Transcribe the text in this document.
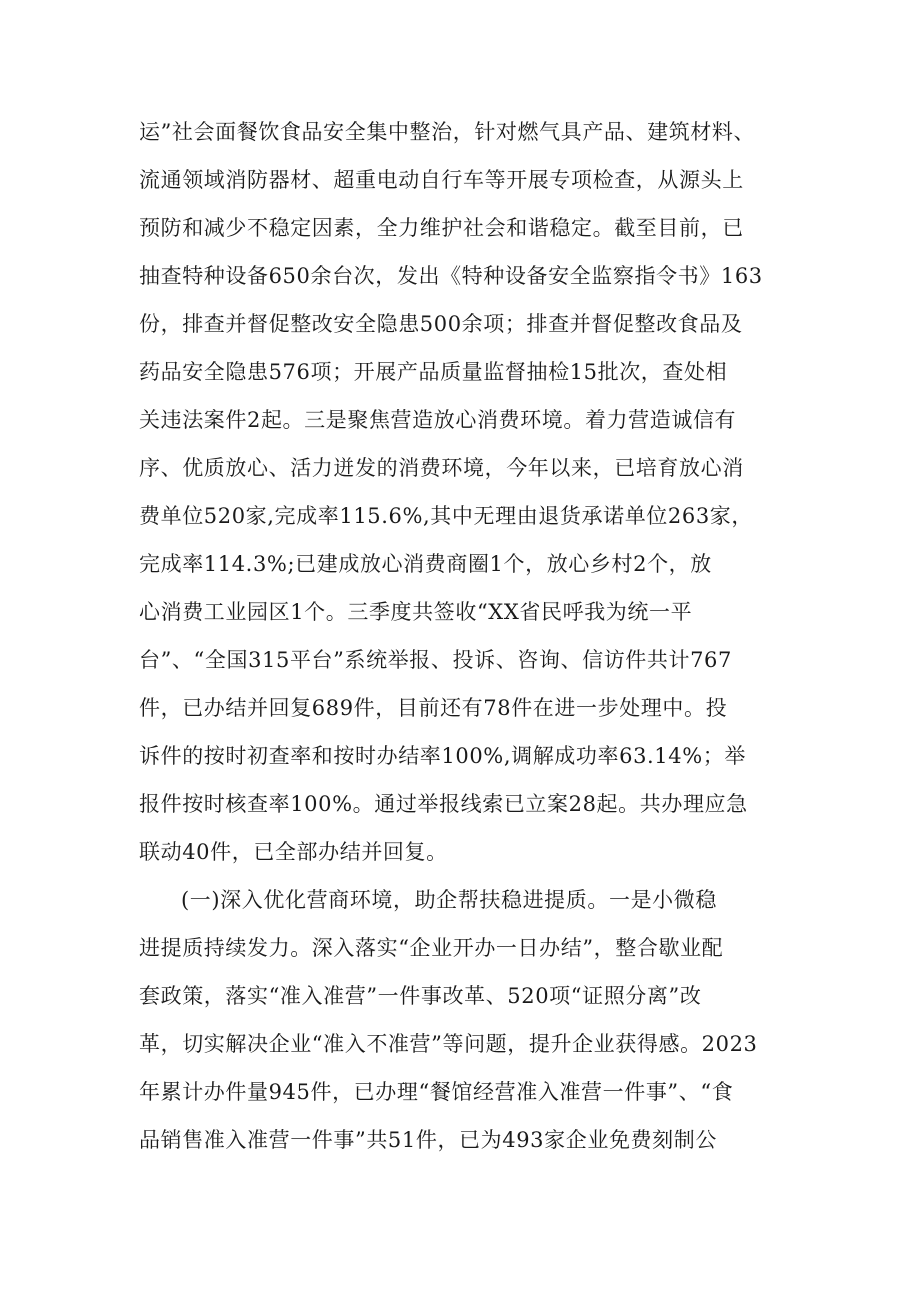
运”社会面餐饮食品安全集中整治，针对燃气具产品、建筑材料、
流通领域消防器材、超重电动自行车等开展专项检查，从源头上
预防和减少不稳定因素，全力维护社会和谐稳定。截至目前，已
抽查特种设备650余台次，发出《特种设备安全监察指令书》163
份，排查并督促整改安全隐患500余项；排查并督促整改食品及
药品安全隐患576项；开展产品质量监督抽检15批次，查处相
关违法案件2起。三是聚焦营造放心消费环境。着力营造诚信有
序、优质放心、活力迸发的消费环境，今年以来，已培育放心消
费单位520家,完成率115.6%,其中无理由退货承诺单位263家，
完成率114.3%;已建成放心消费商圈1个，放心乡村2个，放
心消费工业园区1个。三季度共签收“XX省民呼我为统一平
台”、“全国315平台”系统举报、投诉、咨询、信访件共计767
件，已办结并回复689件，目前还有78件在进一步处理中。投
诉件的按时初查率和按时办结率100%,调解成功率63.14%；举
报件按时核查率100%。通过举报线索已立案28起。共办理应急
联动40件，已全部办结并回复。
(一)深入优化营商环境，助企帮扶稳进提质。一是小微稳
进提质持续发力。深入落实“企业开办一日办结”，整合歇业配
套政策，落实“准入准营”一件事改革、520项“证照分离”改
革，切实解决企业“准入不准营”等问题，提升企业获得感。2023
年累计办件量945件，已办理“餐馆经营准入准营一件事”、“食
品销售准入准营一件事”共51件，已为493家企业免费刻制公
